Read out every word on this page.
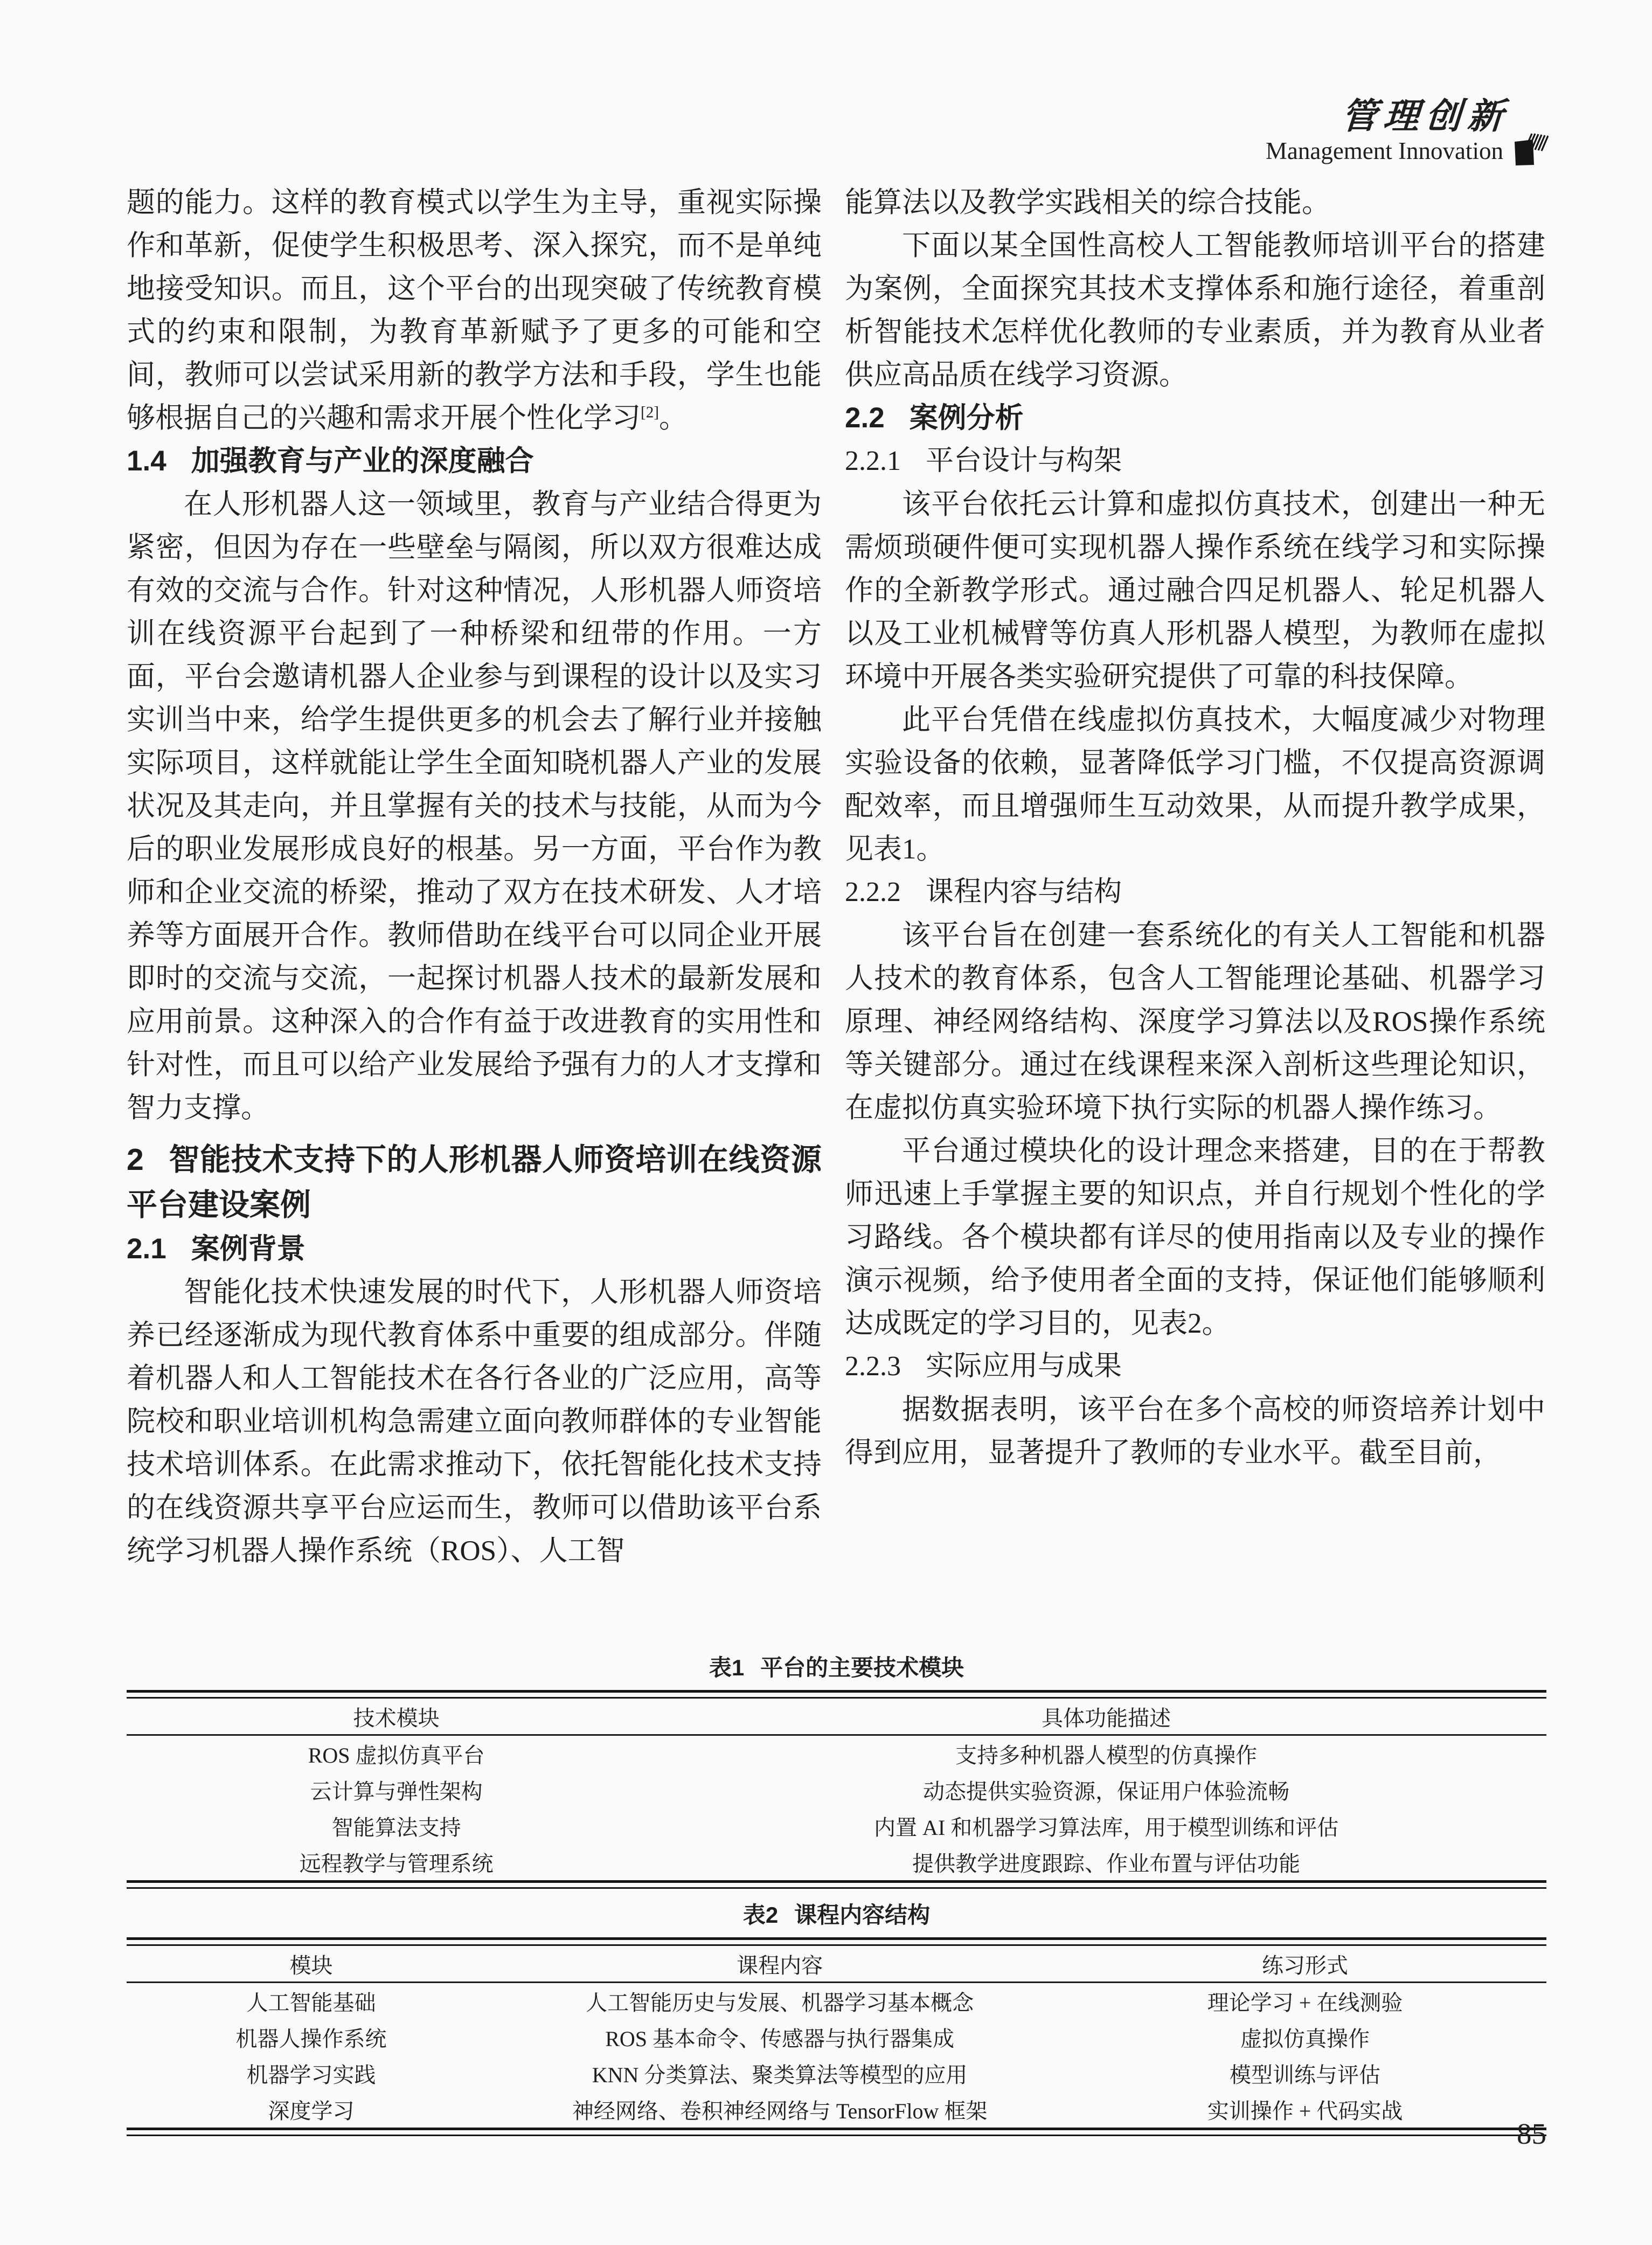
管理创新
Management Innovation

题的能力。这样的教育模式以学生为主导，重视实际操作和革新，促使学生积极思考、深入探究，而不是单纯地接受知识。而且，这个平台的出现突破了传统教育模式的约束和限制，为教育革新赋予了更多的可能和空间，教师可以尝试采用新的教学方法和手段，学生也能够根据自己的兴趣和需求开展个性化学习[2]。

1.4 加强教育与产业的深度融合

在人形机器人这一领域里，教育与产业结合得更为紧密，但因为存在一些壁垒与隔阂，所以双方很难达成有效的交流与合作。针对这种情况，人形机器人师资培训在线资源平台起到了一种桥梁和纽带的作用。一方面，平台会邀请机器人企业参与到课程的设计以及实习实训当中来，给学生提供更多的机会去了解行业并接触实际项目，这样就能让学生全面知晓机器人产业的发展状况及其走向，并且掌握有关的技术与技能，从而为今后的职业发展形成良好的根基。另一方面，平台作为教师和企业交流的桥梁，推动了双方在技术研发、人才培养等方面展开合作。教师借助在线平台可以同企业开展即时的交流与交流，一起探讨机器人技术的最新发展和应用前景。这种深入的合作有益于改进教育的实用性和针对性，而且可以给产业发展给予强有力的人才支撑和智力支撑。

2 智能技术支持下的人形机器人师资培训在线资源平台建设案例

2.1 案例背景

智能化技术快速发展的时代下，人形机器人师资培养已经逐渐成为现代教育体系中重要的组成部分。伴随着机器人和人工智能技术在各行各业的广泛应用，高等院校和职业培训机构急需建立面向教师群体的专业智能技术培训体系。在此需求推动下，依托智能化技术支持的在线资源共享平台应运而生，教师可以借助该平台系统学习机器人操作系统（ROS）、人工智

能算法以及教学实践相关的综合技能。

下面以某全国性高校人工智能教师培训平台的搭建为案例，全面探究其技术支撑体系和施行途径，着重剖析智能技术怎样优化教师的专业素质，并为教育从业者供应高品质在线学习资源。

2.2 案例分析

2.2.1 平台设计与构架

该平台依托云计算和虚拟仿真技术，创建出一种无需烦琐硬件便可实现机器人操作系统在线学习和实际操作的全新教学形式。通过融合四足机器人、轮足机器人以及工业机械臂等仿真人形机器人模型，为教师在虚拟环境中开展各类实验研究提供了可靠的科技保障。

此平台凭借在线虚拟仿真技术，大幅度减少对物理实验设备的依赖，显著降低学习门槛，不仅提高资源调配效率，而且增强师生互动效果，从而提升教学成果，见表1。

2.2.2 课程内容与结构

该平台旨在创建一套系统化的有关人工智能和机器人技术的教育体系，包含人工智能理论基础、机器学习原理、神经网络结构、深度学习算法以及ROS操作系统等关键部分。通过在线课程来深入剖析这些理论知识，在虚拟仿真实验环境下执行实际的机器人操作练习。

平台通过模块化的设计理念来搭建，目的在于帮教师迅速上手掌握主要的知识点，并自行规划个性化的学习路线。各个模块都有详尽的使用指南以及专业的操作演示视频，给予使用者全面的支持，保证他们能够顺利达成既定的学习目的，见表2。

2.2.3 实际应用与成果

据数据表明，该平台在多个高校的师资培养计划中得到应用，显著提升了教师的专业水平。截至目前，

表1 平台的主要技术模块
技术模块	具体功能描述
ROS 虚拟仿真平台	支持多种机器人模型的仿真操作
云计算与弹性架构	动态提供实验资源，保证用户体验流畅
智能算法支持	内置 AI 和机器学习算法库，用于模型训练和评估
远程教学与管理系统	提供教学进度跟踪、作业布置与评估功能
表2 课程内容结构
模块	课程内容	练习形式
人工智能基础	人工智能历史与发展、机器学习基本概念	理论学习 + 在线测验
机器人操作系统	ROS 基本命令、传感器与执行器集成	虚拟仿真操作
机器学习实践	KNN 分类算法、聚类算法等模型的应用	模型训练与评估
深度学习	神经网络、卷积神经网络与 TensorFlow 框架	实训操作 + 代码实战
85
